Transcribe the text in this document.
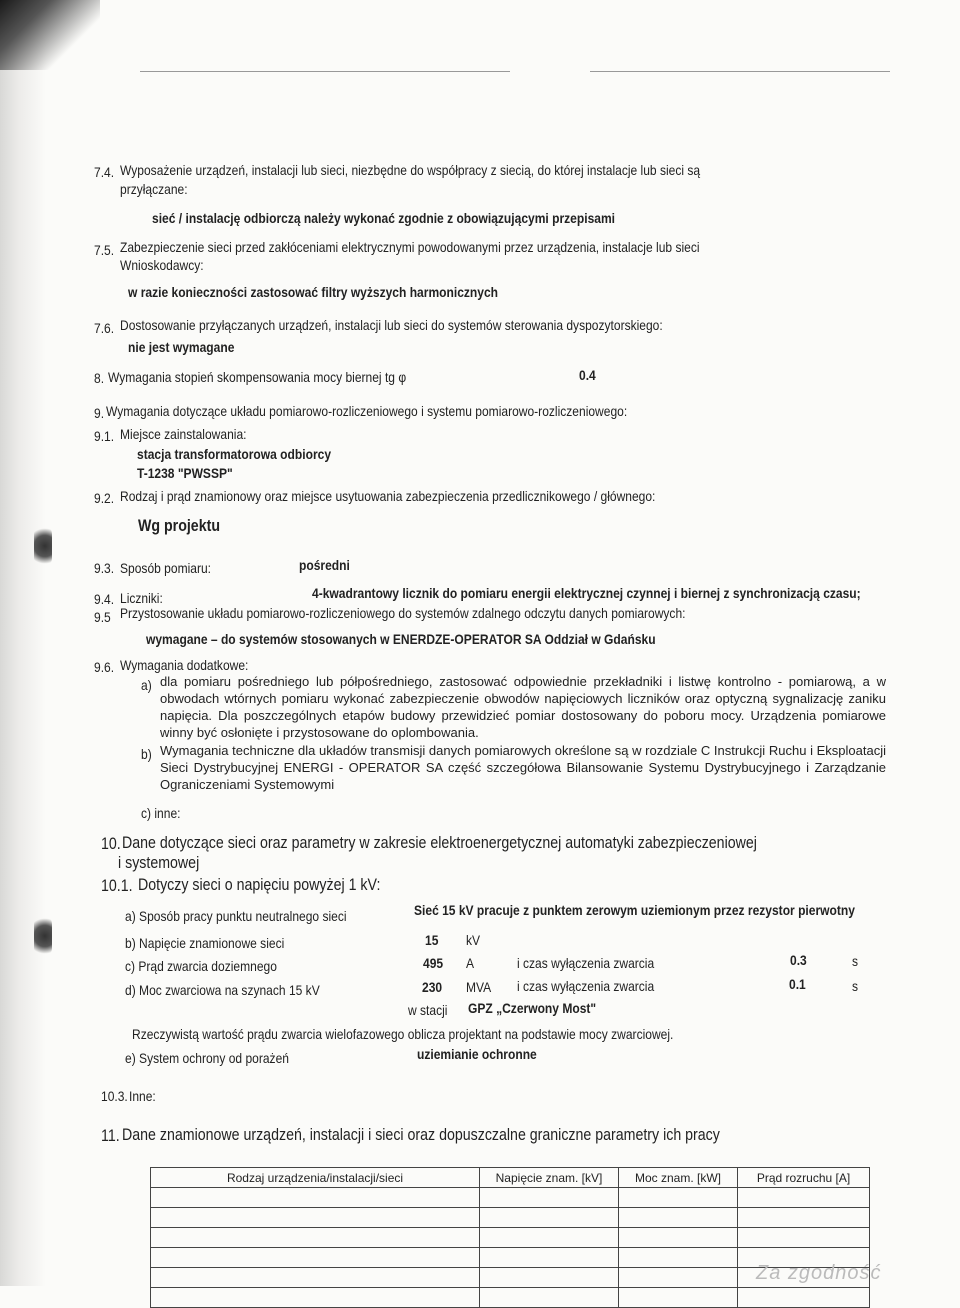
7.4. Wyposażenie urządzeń, instalacji lub sieci, niezbędne do współpracy z siecią, do której instalacje lub sieci są
przyłączane:
sieć / instalację odbiorczą należy wykonać zgodnie z obowiązującymi przepisami
7.5. Zabezpieczenie sieci przed zakłóceniami elektrycznymi powodowanymi przez urządzenia, instalacje lub sieci
Wnioskodawcy:
w razie konieczności zastosować filtry wyższych harmonicznych
7.6. Dostosowanie przyłączanych urządzeń, instalacji lub sieci do systemów sterowania dyspozytorskiego:
nie jest wymagane
8. Wymagania stopień skompensowania mocy biernej tg φ	0.4
9. Wymagania dotyczące układu pomiarowo-rozliczeniowego i systemu pomiarowo-rozliczeniowego:
9.1. Miejsce zainstalowania:
stacja transformatorowa odbiorcy
T-1238 "PWSSP"
9.2. Rodzaj i prąd znamionowy oraz miejsce usytuowania zabezpieczenia przedlicznikowego / głównego:
Wg projektu
9.3. Sposób pomiaru:	pośredni
9.4. Liczniki:	4-kwadrantowy licznik do pomiaru energii elektrycznej czynnej i biernej z synchronizacją czasu;
9.5 Przystosowanie układu pomiarowo-rozliczeniowego do systemów zdalnego odczytu danych pomiarowych:
wymagane – do systemów stosowanych w ENERDZE-OPERATOR SA Oddział w Gdańsku
9.6. Wymagania dodatkowe:
a) dla pomiaru pośredniego lub półpośredniego, zastosować odpowiednie przekładniki i listwę kontrolno - pomiarową, a w obwodach wtórnych pomiaru wykonać zabezpieczenie obwodów napięciowych liczników oraz optyczną sygnalizację zaniku napięcia. Dla poszczególnych etapów budowy przewidzieć pomiar dostosowany do poboru mocy. Urządzenia pomiarowe winny być osłonięte i przystosowane do oplombowania.
b) Wymagania techniczne dla układów transmisji danych pomiarowych określone są w rozdziale C Instrukcji Ruchu i Eksploatacji Sieci Dystrybucyjnej ENERGI - OPERATOR SA część szczegółowa Bilansowanie Systemu Dystrybucyjnego i Zarządzanie Ograniczeniami Systemowymi
c) inne:
10. Dane dotyczące sieci oraz parametry w zakresie elektroenergetycznej automatyki zabezpieczeniowej
i systemowej
10.1. Dotyczy sieci o napięciu powyżej 1 kV:
a) Sposób pracy punktu neutralnego sieci	Sieć 15 kV pracuje z punktem zerowym uziemionym przez rezystor pierwotny
b) Napięcie znamionowe sieci	15 kV
c) Prąd zwarcia doziemnego	495 A	i czas wyłączenia zwarcia	0.3	s
d) Moc zwarciowa na szynach 15 kV	230 MVA i czas wyłączenia zwarcia	0.1	s
w stacji GPZ „Czerwony Most"
Rzeczywistą wartość prądu zwarcia wielofazowego oblicza projektant na podstawie mocy zwarciowej.
e) System ochrony od porażeń	uziemianie ochronne
10.3. Inne:
11. Dane znamionowe urządzeń, instalacji i sieci oraz dopuszczalne graniczne parametry ich pracy
Rodzaj urządzenia/instalacji/sieci	Napięcie znam. [kV]	Moc znam. [kW]	Prąd rozruchu [A]

Za zgodność
